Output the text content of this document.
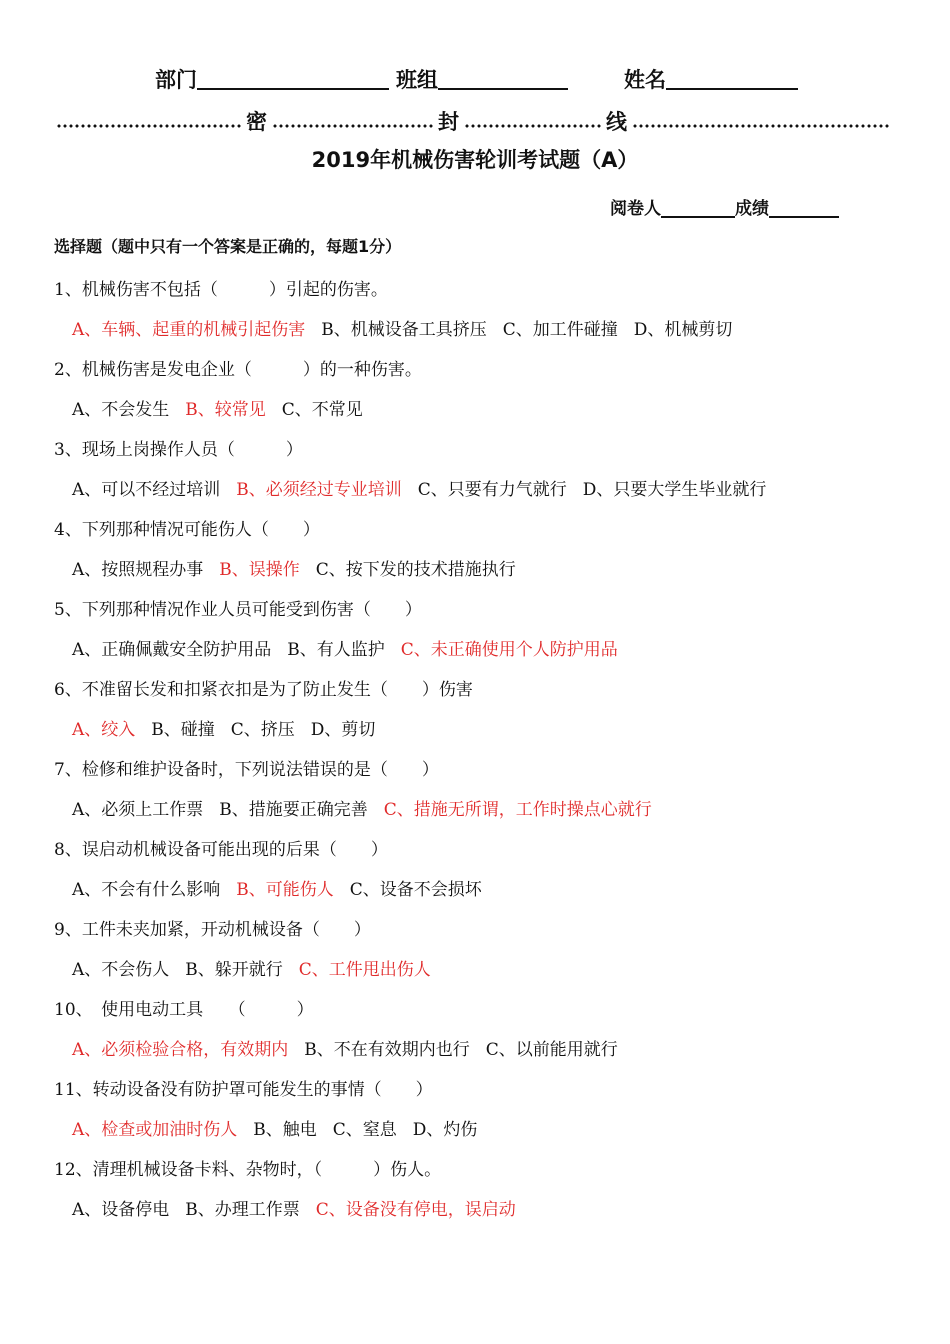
部门	班组	姓名
密	封	线
2019年机械伤害轮训考试题（A）
阅卷人	成绩
选择题（题中只有一个答案是正确的，每题1分）
1、机械伤害不包括（　　　）引起的伤害。
A、车辆、起重的机械引起伤害 B、机械设备工具挤压 C、加工件碰撞 D、机械剪切
2、机械伤害是发电企业（　　　）的一种伤害。
A、不会发生 B、较常见 C、不常见
3、现场上岗操作人员（　　　）
A、可以不经过培训 B、必须经过专业培训 C、只要有力气就行 D、只要大学生毕业就行
4、下列那种情况可能伤人（　　）
A、按照规程办事 B、误操作 C、按下发的技术措施执行
5、下列那种情况作业人员可能受到伤害（　　）
A、正确佩戴安全防护用品 B、有人监护 C、未正确使用个人防护用品
6、不准留长发和扣紧衣扣是为了防止发生（　　）伤害
A、绞入 B、碰撞 C、挤压 D、剪切
7、检修和维护设备时，下列说法错误的是（　　）
A、必须上工作票 B、措施要正确完善 C、措施无所谓，工作时操点心就行
8、误启动机械设备可能出现的后果（　　）
A、不会有什么影响 B、可能伤人 C、设备不会损坏
9、工件未夹加紧，开动机械设备（　　）
A、不会伤人 B、躲开就行 C、工件甩出伤人
10、　使用电动工具　　（　　　）
A、必须检验合格，有效期内 B、不在有效期内也行 C、以前能用就行
11、转动设备没有防护罩可能发生的事情（　　）
A、检查或加油时伤人 B、触电 C、窒息 D、灼伤
12、清理机械设备卡料、杂物时，（　　　）伤人。
A、设备停电 B、办理工作票 C、设备没有停电，误启动
